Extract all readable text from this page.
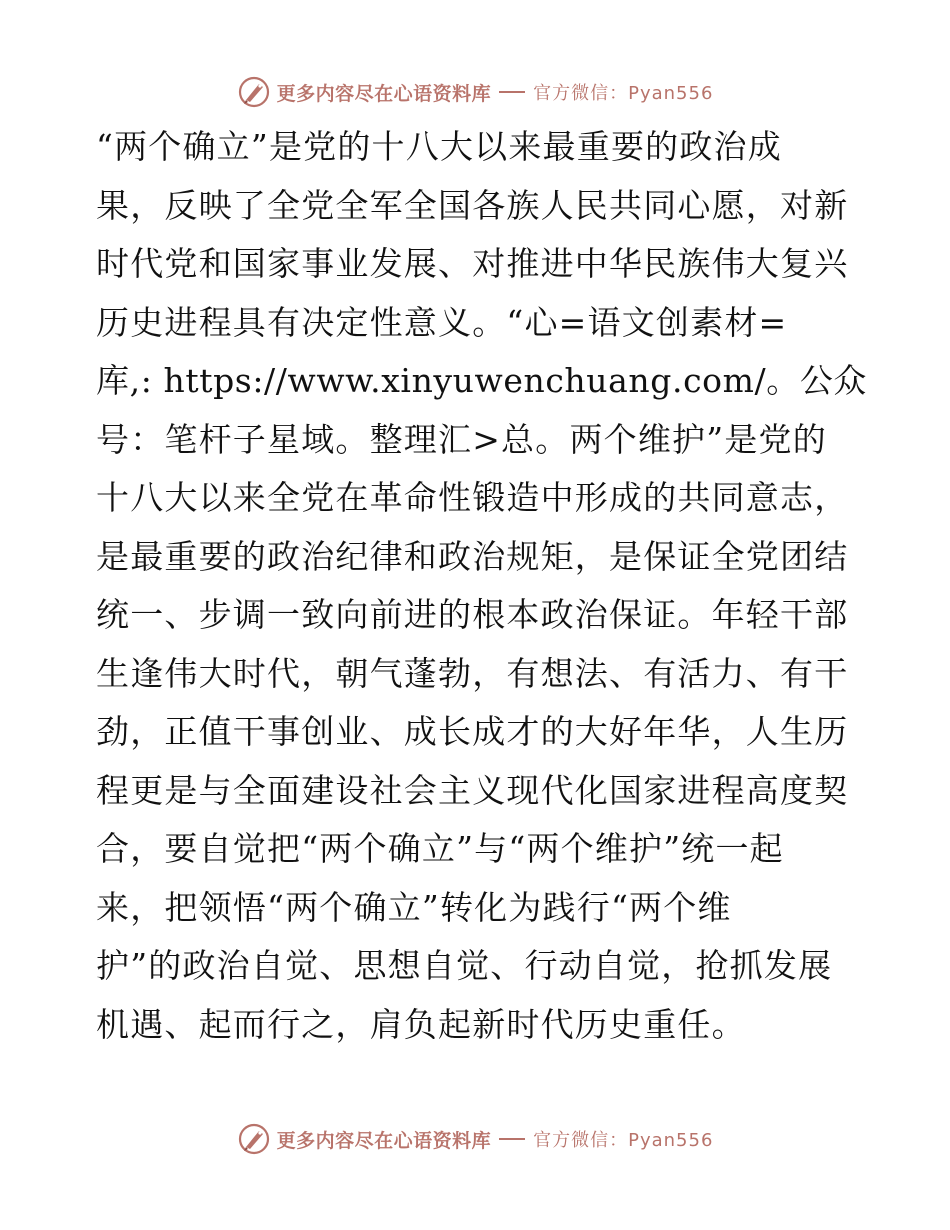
更多内容尽在心语资料库 官方微信：Pyan556
“两个确立”是党的十八大以来最重要的政治成
果，反映了全党全军全国各族人民共同心愿，对新
时代党和国家事业发展、对推进中华民族伟大复兴
历史进程具有决定性意义。“心=语文创素材=
库,: https://www.xinyuwenchuang.com/。公众
号：笔杆子星域。整理汇>总。两个维护”是党的
十八大以来全党在革命性锻造中形成的共同意志，
是最重要的政治纪律和政治规矩，是保证全党团结
统一、步调一致向前进的根本政治保证。年轻干部
生逢伟大时代，朝气蓬勃，有想法、有活力、有干
劲，正值干事创业、成长成才的大好年华，人生历
程更是与全面建设社会主义现代化国家进程高度契
合，要自觉把“两个确立”与“两个维护”统一起
来，把领悟“两个确立”转化为践行“两个维
护”的政治自觉、思想自觉、行动自觉，抢抓发展
机遇、起而行之，肩负起新时代历史重任。
更多内容尽在心语资料库 官方微信：Pyan556
